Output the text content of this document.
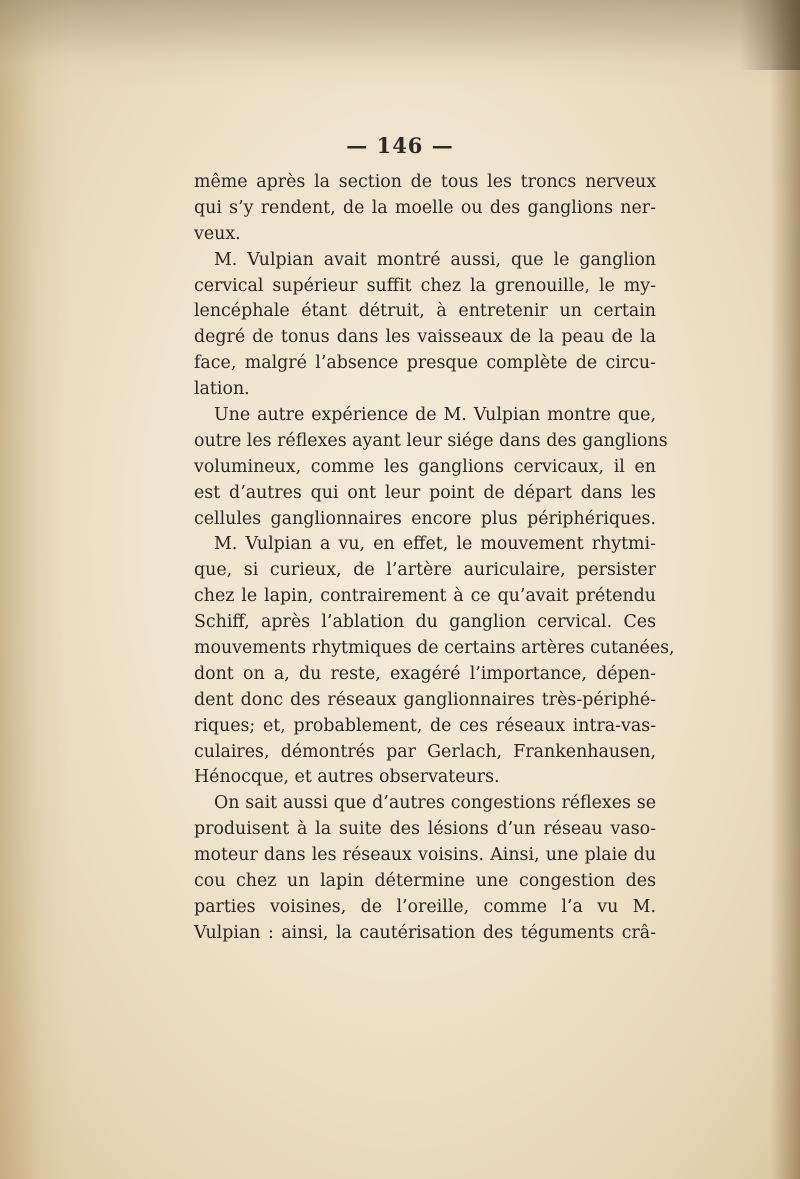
— 146 —
même après la section de tous les troncs nerveux
qui s’y rendent, de la moelle ou des ganglions ner-
veux.
M. Vulpian avait montré aussi, que le ganglion
cervical supérieur suffit chez la grenouille, le my-
lencéphale étant détruit, à entretenir un certain
degré de tonus dans les vaisseaux de la peau de la
face, malgré l’absence presque complète de circu-
lation.
Une autre expérience de M. Vulpian montre que,
outre les réflexes ayant leur siége dans des ganglions
volumineux, comme les ganglions cervicaux, il en
est d’autres qui ont leur point de départ dans les
cellules ganglionnaires encore plus périphériques.
M. Vulpian a vu, en effet, le mouvement rhytmi-
que, si curieux, de l’artère auriculaire, persister
chez le lapin, contrairement à ce qu’avait prétendu
Schiff, après l’ablation du ganglion cervical. Ces
mouvements rhytmiques de certains artères cutanées,
dont on a, du reste, exagéré l’importance, dépen-
dent donc des réseaux ganglionnaires très-périphé-
riques; et, probablement, de ces réseaux intra-vas-
culaires, démontrés par Gerlach, Frankenhausen,
Hénocque, et autres observateurs.
On sait aussi que d’autres congestions réflexes se
produisent à la suite des lésions d’un réseau vaso-
moteur dans les réseaux voisins. Ainsi, une plaie du
cou chez un lapin détermine une congestion des
parties voisines, de l’oreille, comme l’a vu M.
Vulpian : ainsi, la cautérisation des téguments crâ-
